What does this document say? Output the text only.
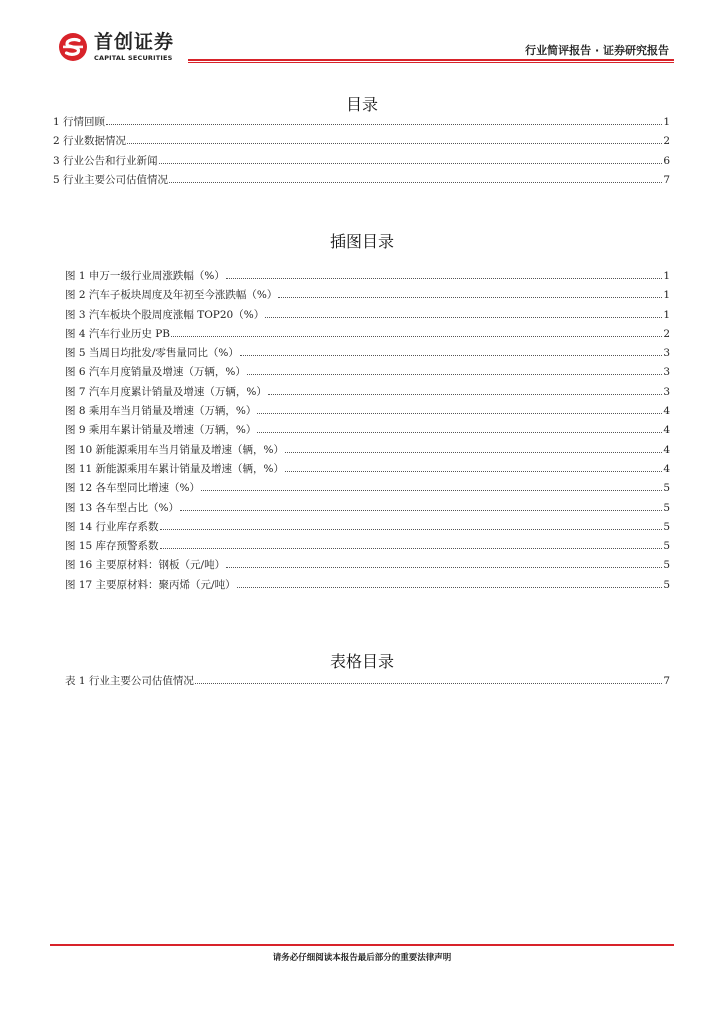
首创证券
CAPITAL SECURITIES
行业简评报告 · 证券研究报告
目录
1 行情回顾	1
2 行业数据情况	2
3 行业公告和行业新闻	6
5 行业主要公司估值情况	7
插图目录
图 1 申万一级行业周涨跌幅（%）	1
图 2 汽车子板块周度及年初至今涨跌幅（%）	1
图 3 汽车板块个股周度涨幅 TOP20（%）	1
图 4 汽车行业历史 PB	2
图 5 当周日均批发/零售量同比（%）	3
图 6 汽车月度销量及增速（万辆，%）	3
图 7 汽车月度累计销量及增速（万辆，%）	3
图 8 乘用车当月销量及增速（万辆，%）	4
图 9 乘用车累计销量及增速（万辆，%）	4
图 10 新能源乘用车当月销量及增速（辆，%）	4
图 11 新能源乘用车累计销量及增速（辆，%）	4
图 12 各车型同比增速（%）	5
图 13 各车型占比（%）	5
图 14 行业库存系数	5
图 15 库存预警系数	5
图 16 主要原材料：钢板（元/吨）	5
图 17 主要原材料：聚丙烯（元/吨）	5
表格目录
表 1 行业主要公司估值情况	7
请务必仔细阅读本报告最后部分的重要法律声明
